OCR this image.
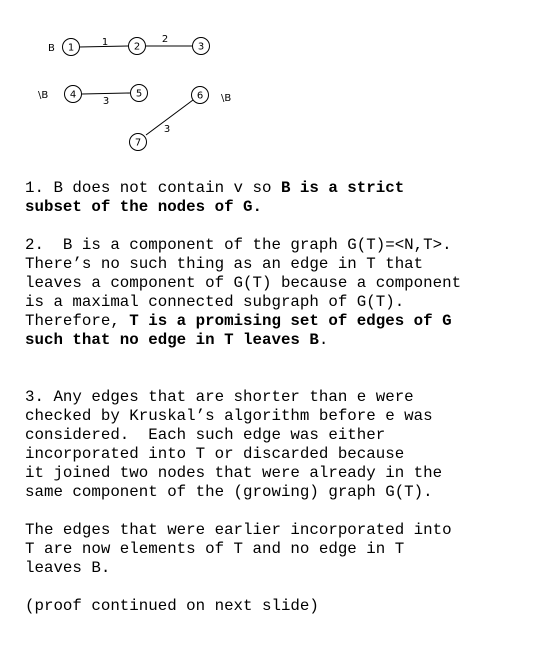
1	2	3
4	5	6
7
1	2
3
3
B
\B	\B
1. B does not contain v so B is a strict
subset of the nodes of G.
2.  B is a component of the graph G(T)=<N,T>.
There’s no such thing as an edge in T that
leaves a component of G(T) because a component
is a maximal connected subgraph of G(T).
Therefore, T is a promising set of edges of G
such that no edge in T leaves B.
3. Any edges that are shorter than e were
checked by Kruskal’s algorithm before e was
considered.  Each such edge was either
incorporated into T or discarded because
it joined two nodes that were already in the
same component of the (growing) graph G(T).
The edges that were earlier incorporated into
T are now elements of T and no edge in T
leaves B.
(proof continued on next slide)
